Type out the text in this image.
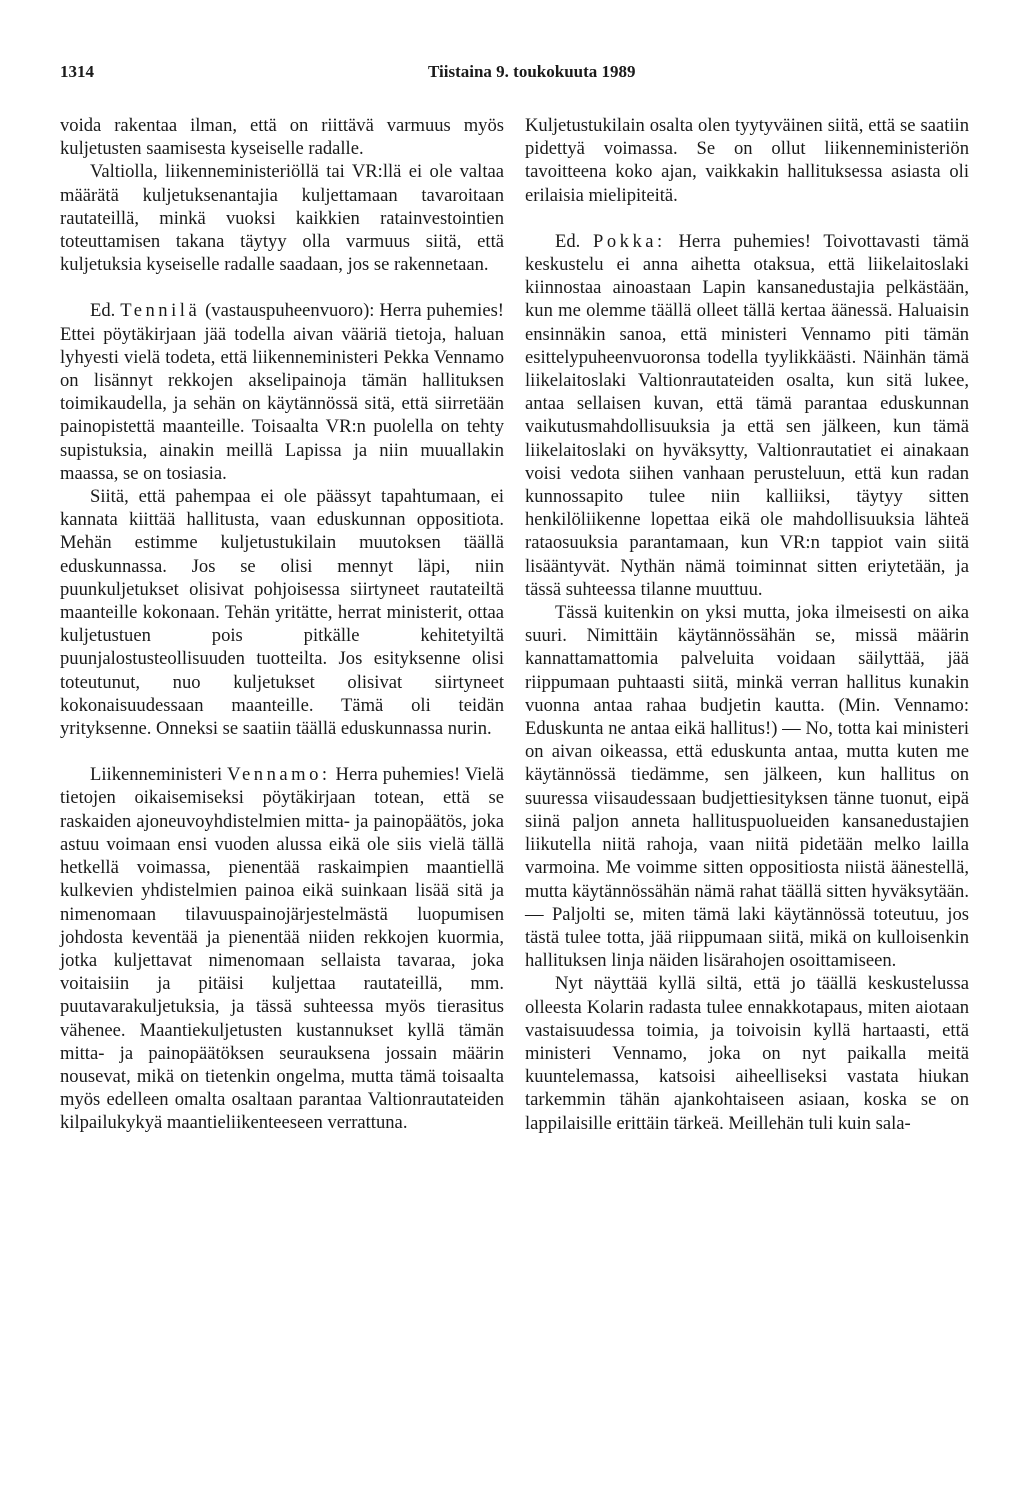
1314	Tiistaina 9. toukokuuta 1989

voida rakentaa ilman, että on riittävä varmuus myös kuljetusten saamisesta kyseiselle radalle.

Valtiolla, liikenneministeriöllä tai VR:llä ei ole valtaa määrätä kuljetuksenantajia kuljettamaan tavaroitaan rautateillä, minkä vuoksi kaikkien ratainvestointien toteuttamisen takana täytyy olla varmuus siitä, että kuljetuksia kyseiselle radalle saadaan, jos se rakennetaan.

Ed. Tennilä (vastauspuheenvuoro): Herra puhemies! Ettei pöytäkirjaan jää todella aivan vääriä tietoja, haluan lyhyesti vielä todeta, että liikenneministeri Pekka Vennamo on lisännyt rekkojen akselipainoja tämän hallituksen toimikaudella, ja sehän on käytännössä sitä, että siirretään painopistettä maanteille. Toisaalta VR:n puolella on tehty supistuksia, ainakin meillä Lapissa ja niin muuallakin maassa, se on tosiasia.

Siitä, että pahempaa ei ole päässyt tapahtumaan, ei kannata kiittää hallitusta, vaan eduskunnan oppositiota. Mehän estimme kuljetustukilain muutoksen täällä eduskunnassa. Jos se olisi mennyt läpi, niin puunkuljetukset olisivat pohjoisessa siirtyneet rautateiltä maanteille kokonaan. Tehän yritätte, herrat ministerit, ottaa kuljetustuen pois pitkälle kehitetyiltä puunjalostusteollisuuden tuotteilta. Jos esityksenne olisi toteutunut, nuo kuljetukset olisivat siirtyneet kokonaisuudessaan maanteille. Tämä oli teidän yrityksenne. Onneksi se saatiin täällä eduskunnassa nurin.

Liikenneministeri Vennamo: Herra puhemies! Vielä tietojen oikaisemiseksi pöytäkirjaan totean, että se raskaiden ajoneuvoyhdistelmien mitta- ja painopäätös, joka astuu voimaan ensi vuoden alussa eikä ole siis vielä tällä hetkellä voimassa, pienentää raskaimpien maantiellä kulkevien yhdistelmien painoa eikä suinkaan lisää sitä ja nimenomaan tilavuuspainojärjestelmästä luopumisen johdosta keventää ja pienentää niiden rekkojen kuormia, jotka kuljettavat nimenomaan sellaista tavaraa, joka voitaisiin ja pitäisi kuljettaa rautateillä, mm. puutavarakuljetuksia, ja tässä suhteessa myös tierasitus vähenee. Maantiekuljetusten kustannukset kyllä tämän mitta- ja painopäätöksen seurauksena jossain määrin nousevat, mikä on tietenkin ongelma, mutta tämä toisaalta myös edelleen omalta osaltaan parantaa Valtionrautateiden kilpailukykyä maantieliikenteeseen verrattuna.

Kuljetustukilain osalta olen tyytyväinen siitä, että se saatiin pidettyä voimassa. Se on ollut liikenneministeriön tavoitteena koko ajan, vaikkakin hallituksessa asiasta oli erilaisia mielipiteitä.

Ed. Pokka: Herra puhemies! Toivottavasti tämä keskustelu ei anna aihetta otaksua, että liikelaitoslaki kiinnostaa ainoastaan Lapin kansanedustajia pelkästään, kun me olemme täällä olleet tällä kertaa äänessä. Haluaisin ensinnäkin sanoa, että ministeri Vennamo piti tämän esittelypuheenvuoronsa todella tyylikkäästi. Näinhän tämä liikelaitoslaki Valtionrautateiden osalta, kun sitä lukee, antaa sellaisen kuvan, että tämä parantaa eduskunnan vaikutusmahdollisuuksia ja että sen jälkeen, kun tämä liikelaitoslaki on hyväksytty, Valtionrautatiet ei ainakaan voisi vedota siihen vanhaan perusteluun, että kun radan kunnossapito tulee niin kalliiksi, täytyy sitten henkilöliikenne lopettaa eikä ole mahdollisuuksia lähteä rataosuuksia parantamaan, kun VR:n tappiot vain siitä lisääntyvät. Nythän nämä toiminnat sitten eriytetään, ja tässä suhteessa tilanne muuttuu.

Tässä kuitenkin on yksi mutta, joka ilmeisesti on aika suuri. Nimittäin käytännössähän se, missä määrin kannattamattomia palveluita voidaan säilyttää, jää riippumaan puhtaasti siitä, minkä verran hallitus kunakin vuonna antaa rahaa budjetin kautta. (Min. Vennamo: Eduskunta ne antaa eikä hallitus!) — No, totta kai ministeri on aivan oikeassa, että eduskunta antaa, mutta kuten me käytännössä tiedämme, sen jälkeen, kun hallitus on suuressa viisaudessaan budjettiesityksen tänne tuonut, eipä siinä paljon anneta hallituspuolueiden kansanedustajien liikutella niitä rahoja, vaan niitä pidetään melko lailla varmoina. Me voimme sitten oppositiosta niistä äänestellä, mutta käytännössähän nämä rahat täällä sitten hyväksytään. — Paljolti se, miten tämä laki käytännössä toteutuu, jos tästä tulee totta, jää riippumaan siitä, mikä on kulloisenkin hallituksen linja näiden lisärahojen osoittamiseen.

Nyt näyttää kyllä siltä, että jo täällä keskustelussa olleesta Kolarin radasta tulee ennakkotapaus, miten aiotaan vastaisuudessa toimia, ja toivoisin kyllä hartaasti, että ministeri Vennamo, joka on nyt paikalla meitä kuuntelemassa, katsoisi aiheelliseksi vastata hiukan tarkemmin tähän ajankohtaiseen asiaan, koska se on lappilaisille erittäin tärkeä. Meillehän tuli kuin sala-
